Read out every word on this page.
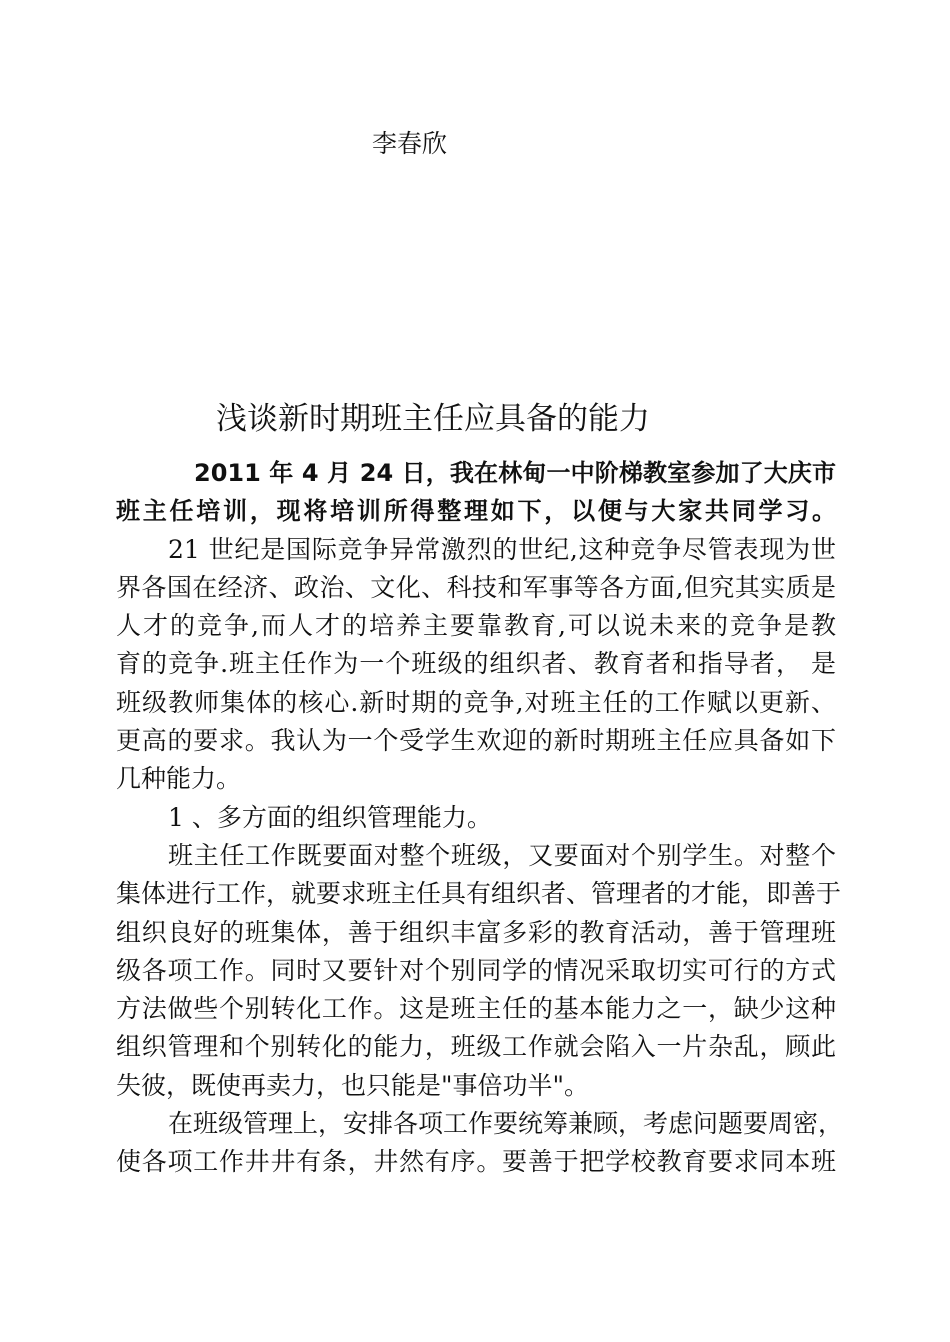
李春欣
浅谈新时期班主任应具备的能力
2011 年 4 月 24 日，我在林甸一中阶梯教室参加了大庆市
班主任培训，现将培训所得整理如下，以便与大家共同学习。
21 世纪是国际竞争异常激烈的世纪,这种竞争尽管表现为世
界各国在经济、政治、文化、科技和军事等各方面,但究其实质是
人才的竞争,而人才的培养主要靠教育,可以说未来的竞争是教
育的竞争.班主任作为一个班级的组织者、教育者和指导者， 是
班级教师集体的核心.新时期的竞争,对班主任的工作赋以更新、
更高的要求。我认为一个受学生欢迎的新时期班主任应具备如下
几种能力。
1 、多方面的组织管理能力。
班主任工作既要面对整个班级，又要面对个别学生。对整个
集体进行工作，就要求班主任具有组织者、管理者的才能，即善于
组织良好的班集体，善于组织丰富多彩的教育活动，善于管理班
级各项工作。同时又要针对个别同学的情况采取切实可行的方式
方法做些个别转化工作。这是班主任的基本能力之一，缺少这种
组织管理和个别转化的能力，班级工作就会陷入一片杂乱，顾此
失彼，既使再卖力，也只能是"事倍功半"。
在班级管理上，安排各项工作要统筹兼顾，考虑问题要周密，
使各项工作井井有条，井然有序。要善于把学校教育要求同本班
